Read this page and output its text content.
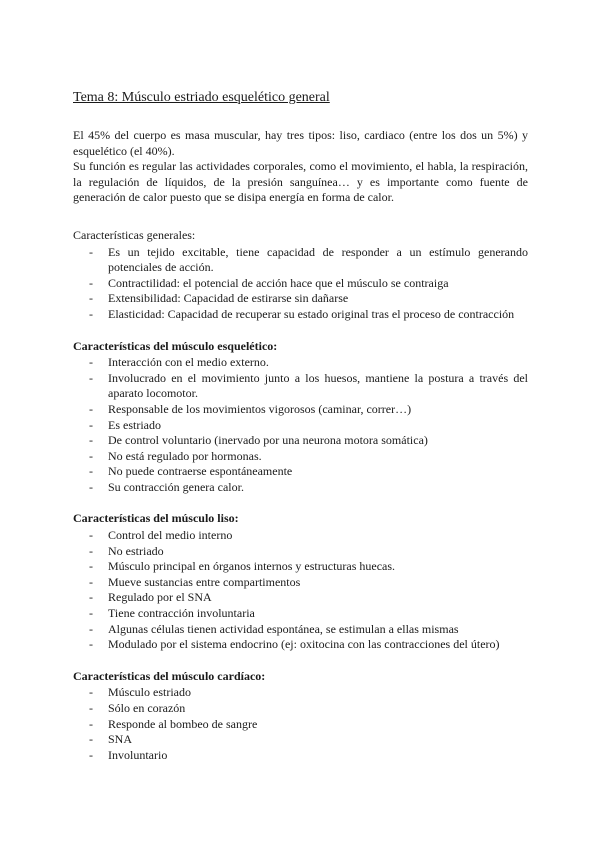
Tema 8: Músculo estriado esquelético general

El 45% del cuerpo es masa muscular, hay tres tipos: liso, cardiaco (entre los dos un 5%) y esquelético (el 40%).

Su función es regular las actividades corporales, como el movimiento, el habla, la respiración, la regulación de líquidos, de la presión sanguínea… y es importante como fuente de generación de calor puesto que se disipa energía en forma de calor.

Características generales:

- Es un tejido excitable, tiene capacidad de responder a un estímulo generando potenciales de acción.
- Contractilidad: el potencial de acción hace que el músculo se contraiga
- Extensibilidad: Capacidad de estirarse sin dañarse
- Elasticidad: Capacidad de recuperar su estado original tras el proceso de contracción
Características del músculo esquelético:
- Interacción con el medio externo.
- Involucrado en el movimiento junto a los huesos, mantiene la postura a través del aparato locomotor.
- Responsable de los movimientos vigorosos (caminar, correr…)
- Es estriado
- De control voluntario (inervado por una neurona motora somática)
- No está regulado por hormonas.
- No puede contraerse espontáneamente
- Su contracción genera calor.
Características del músculo liso:
- Control del medio interno
- No estriado
- Músculo principal en órganos internos y estructuras huecas.
- Mueve sustancias entre compartimentos
- Regulado por el SNA
- Tiene contracción involuntaria
- Algunas células tienen actividad espontánea, se estimulan a ellas mismas
- Modulado por el sistema endocrino (ej: oxitocina con las contracciones del útero)
Características del músculo cardíaco:
- Músculo estriado
- Sólo en corazón
- Responde al bombeo de sangre
- SNA
- Involuntario
